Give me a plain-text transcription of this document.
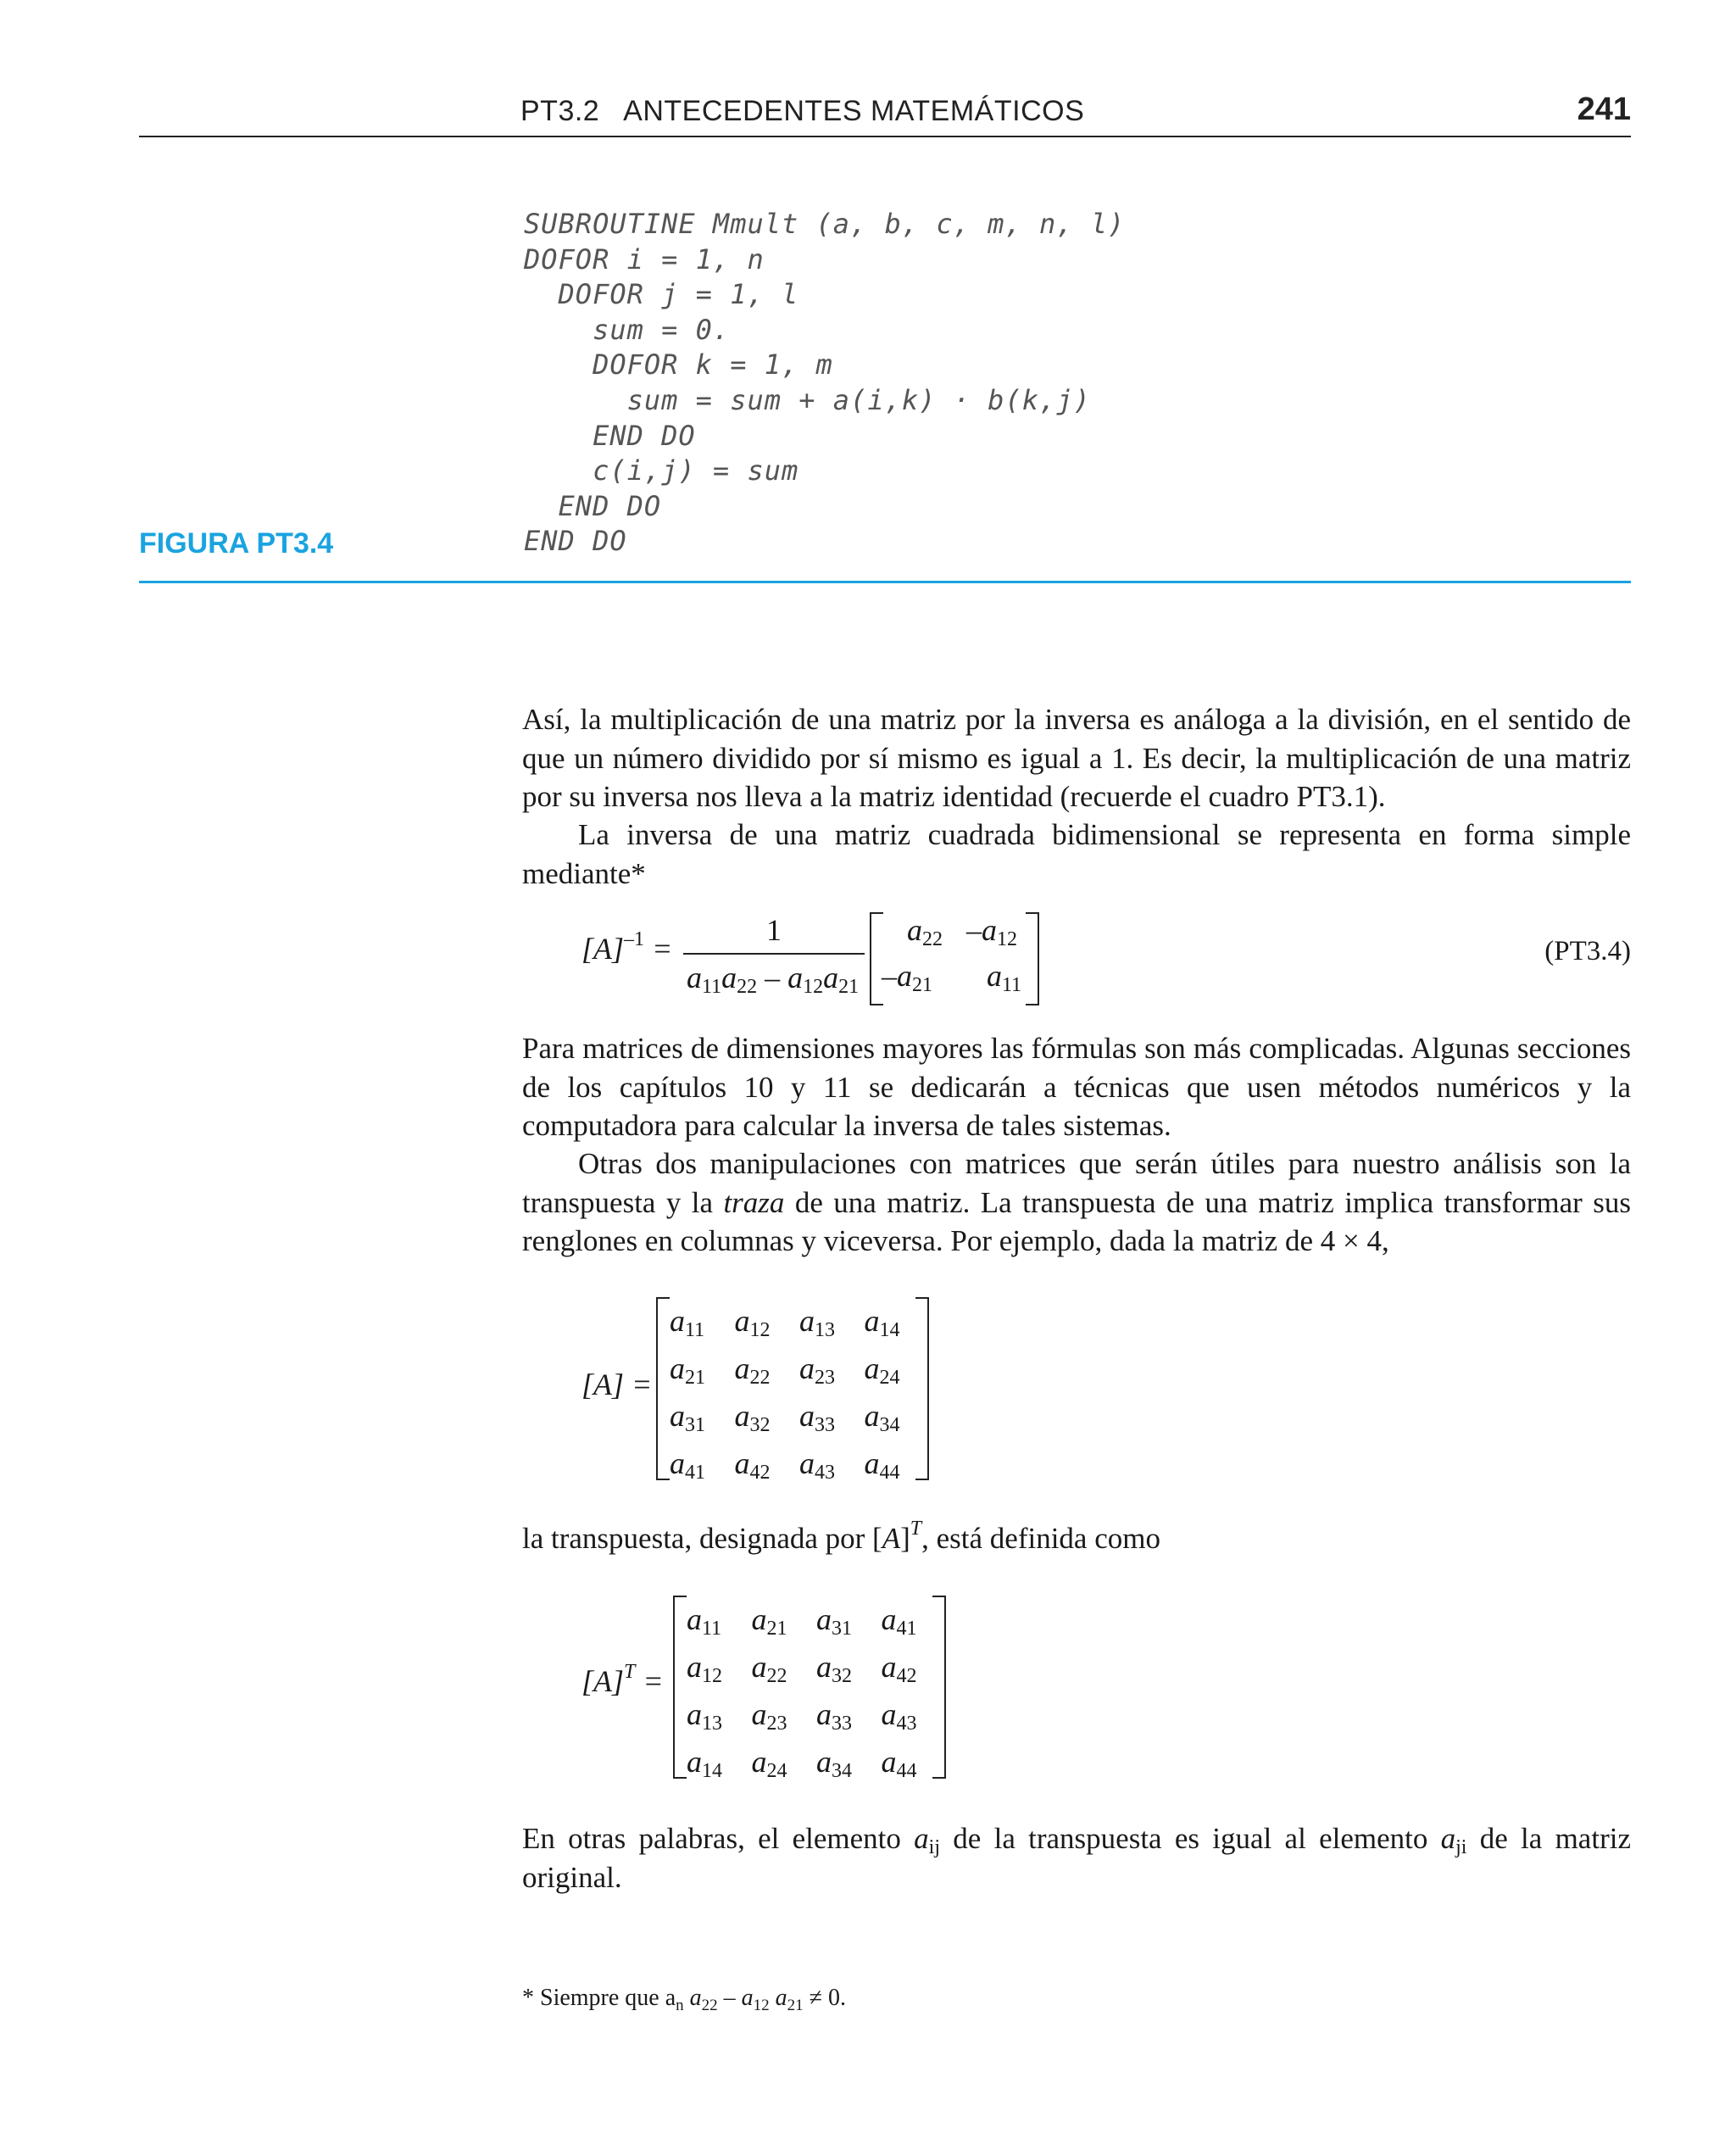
PT3.2   ANTECEDENTES MATEMÁTICOS	241
SUBROUTINE Mmult (a, b, c, m, n, l)
DOFOR i = 1, n
DOFOR j = 1, l
sum = 0.
DOFOR k = 1, m
sum = sum + a(i,k) · b(k,j)
END DO
c(i,j) = sum
END DO
END DO
FIGURA PT3.4

Así, la multiplicación de una matriz por la inversa es análoga a la división, en el sentido de que un número dividido por sí mismo es igual a 1. Es decir, la multiplicación de una matriz por su inversa nos lleva a la matriz identidad (recuerde el cuadro PT3.1).

La inversa de una matriz cuadrada bidimensional se representa en forma simple mediante*

$[A]^{-1}$ =
1
$a_{11}a_{22} - a_{12}a_{21}$
$a_{22}$ $-a_{12}$
$-a_{21}$ $a_{11}$
(PT3.4)

Para matrices de dimensiones mayores las fórmulas son más complicadas. Algunas secciones de los capítulos 10 y 11 se dedicarán a técnicas que usen métodos numéricos y la computadora para calcular la inversa de tales sistemas.

Otras dos manipulaciones con matrices que serán útiles para nuestro análisis son la transpuesta y la traza de una matriz. La transpuesta de una matriz implica transformar sus renglones en columnas y viceversa. Por ejemplo, dada la matriz de 4 × 4,

[A] =
$a_{11}$	$a_{12}$	$a_{13}$	$a_{14}$
$a_{21}$	$a_{22}$	$a_{23}$	$a_{24}$
$a_{31}$	$a_{32}$	$a_{33}$	$a_{34}$
$a_{41}$	$a_{42}$	$a_{43}$	$a_{44}$

la transpuesta, designada por $[A]^T$, está definida como

$[A]^T$ =
$a_{11}$	$a_{21}$	$a_{31}$	$a_{41}$
$a_{12}$	$a_{22}$	$a_{32}$	$a_{42}$
$a_{13}$	$a_{23}$	$a_{33}$	$a_{43}$
$a_{14}$	$a_{24}$	$a_{34}$	$a_{44}$

En otras palabras, el elemento $a_{ij}$ de la transpuesta es igual al elemento $a_{ji}$ de la matriz original.

* Siempre que $a_n$ $a_{22} - a_{12}$ $a_{21} \ne 0$.
